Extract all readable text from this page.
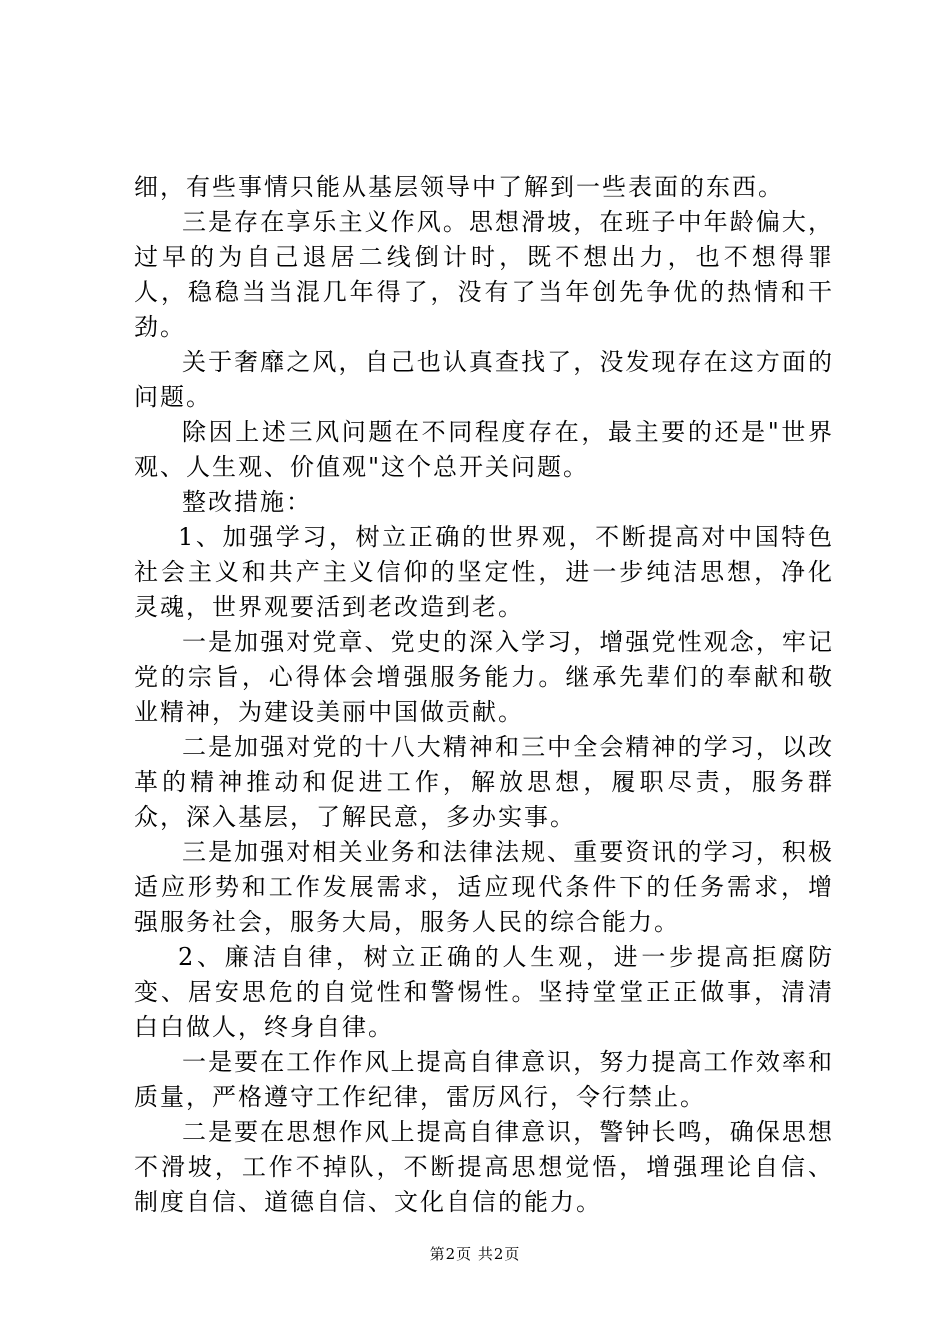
细，有些事情只能从基层领导中了解到一些表面的东西。

三是存在享乐主义作风。思想滑坡，在班子中年龄偏大，过早的为自己退居二线倒计时，既不想出力，也不想得罪人，稳稳当当混几年得了，没有了当年创先争优的热情和干劲。

关于奢靡之风，自己也认真查找了，没发现存在这方面的问题。

除因上述三风问题在不同程度存在，最主要的还是"世界观、人生观、价值观"这个总开关问题。

整改措施：

1、加强学习，树立正确的世界观，不断提高对中国特色社会主义和共产主义信仰的坚定性，进一步纯洁思想，净化灵魂，世界观要活到老改造到老。

一是加强对党章、党史的深入学习，增强党性观念，牢记党的宗旨，心得体会增强服务能力。继承先辈们的奉献和敬业精神，为建设美丽中国做贡献。

二是加强对党的十八大精神和三中全会精神的学习，以改革的精神推动和促进工作，解放思想，履职尽责，服务群众，深入基层，了解民意，多办实事。

三是加强对相关业务和法律法规、重要资讯的学习，积极适应形势和工作发展需求，适应现代条件下的任务需求，增强服务社会，服务大局，服务人民的综合能力。

2、廉洁自律，树立正确的人生观，进一步提高拒腐防变、居安思危的自觉性和警惕性。坚持堂堂正正做事，清清白白做人，终身自律。

一是要在工作作风上提高自律意识，努力提高工作效率和质量，严格遵守工作纪律，雷厉风行，令行禁止。

二是要在思想作风上提高自律意识，警钟长鸣，确保思想不滑坡，工作不掉队，不断提高思想觉悟，增强理论自信、制度自信、道德自信、文化自信的能力。

第2页 共2页
